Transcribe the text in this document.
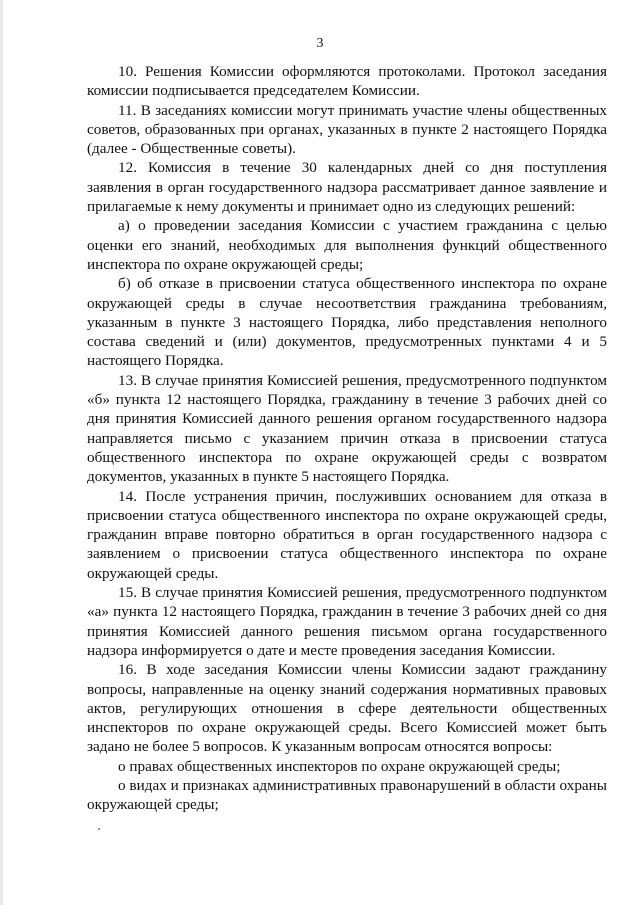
3

10. Решения Комиссии оформляются протоколами. Протокол заседания комиссии подписывается председателем Комиссии.

11. В заседаниях комиссии могут принимать участие члены общественных советов, образованных при органах, указанных в пункте 2 настоящего Порядка (далее - Общественные советы).

12. Комиссия в течение 30 календарных дней со дня поступления заявления в орган государственного надзора рассматривает данное заявление и прилагаемые к нему документы и принимает одно из следующих решений:

а) о проведении заседания Комиссии с участием гражданина с целью оценки его знаний, необходимых для выполнения функций общественного инспектора по охране окружающей среды;

б) об отказе в присвоении статуса общественного инспектора по охране окружающей среды в случае несоответствия гражданина требованиям, указанным в пункте 3 настоящего Порядка, либо представления неполного состава сведений и (или) документов, предусмотренных пунктами 4 и 5 настоящего Порядка.

13. В случае принятия Комиссией решения, предусмотренного подпунктом «б» пункта 12 настоящего Порядка, гражданину в течение 3 рабочих дней со дня принятия Комиссией данного решения органом государственного надзора направляется письмо с указанием причин отказа в присвоении статуса общественного инспектора по охране окружающей среды с возвратом документов, указанных в пункте 5 настоящего Порядка.

14. После устранения причин, послуживших основанием для отказа в присвоении статуса общественного инспектора по охране окружающей среды, гражданин вправе повторно обратиться в орган государственного надзора с заявлением о присвоении статуса общественного инспектора по охране окружающей среды.

15. В случае принятия Комиссией решения, предусмотренного подпунктом «а» пункта 12 настоящего Порядка, гражданин в течение 3 рабочих дней со дня принятия Комиссией данного решения письмом органа государственного надзора информируется о дате и месте проведения заседания Комиссии.

16. В ходе заседания Комиссии члены Комиссии задают гражданину вопросы, направленные на оценку знаний содержания нормативных правовых актов, регулирующих отношения в сфере деятельности общественных инспекторов по охране окружающей среды. Всего Комиссией может быть задано не более 5 вопросов. К указанным вопросам относятся вопросы:

о правах общественных инспекторов по охране окружающей среды;

о видах и признаках административных правонарушений в области охраны окружающей среды;
